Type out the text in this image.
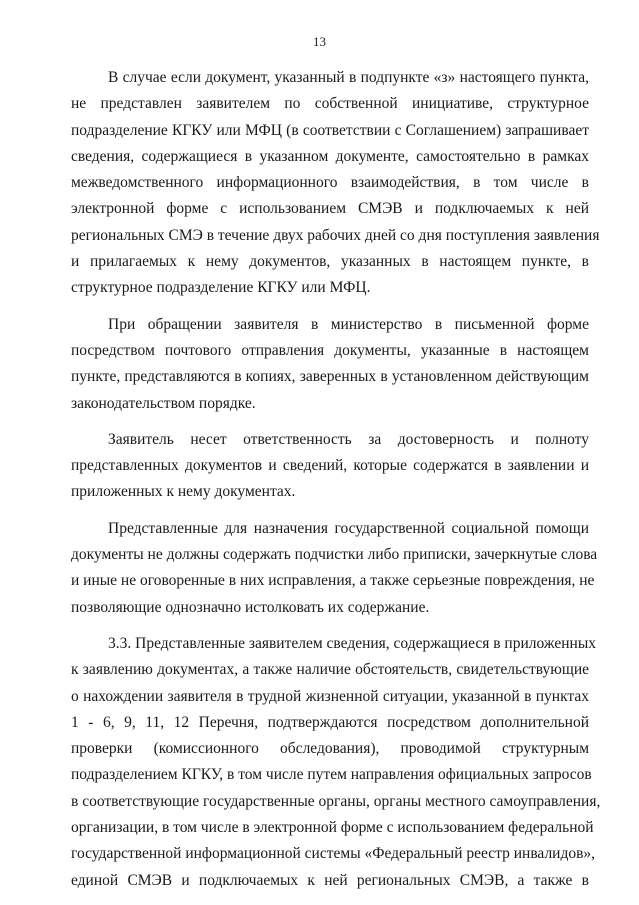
13

В случае если документ, указанный в подпункте «з» настоящего пункта,
не представлен заявителем по собственной инициативе, структурное
подразделение КГКУ или МФЦ (в соответствии с Соглашением) запрашивает
сведения, содержащиеся в указанном документе, самостоятельно в рамках
межведомственного информационного взаимодействия, в том числе в
электронной форме с использованием СМЭВ и подключаемых к ней
региональных СМЭ в течение двух рабочих дней со дня поступления заявления
и прилагаемых к нему документов, указанных в настоящем пункте, в
структурное подразделение КГКУ или МФЦ.

При обращении заявителя в министерство в письменной форме
посредством почтового отправления документы, указанные в настоящем
пункте, представляются в копиях, заверенных в установленном действующим
законодательством порядке.

Заявитель несет ответственность за достоверность и полноту
представленных документов и сведений, которые содержатся в заявлении и
приложенных к нему документах.

Представленные для назначения государственной социальной помощи
документы не должны содержать подчистки либо приписки, зачеркнутые слова
и иные не оговоренные в них исправления, а также серьезные повреждения, не
позволяющие однозначно истолковать их содержание.

3.3. Представленные заявителем сведения, содержащиеся в приложенных
к заявлению документах, а также наличие обстоятельств, свидетельствующие
о нахождении заявителя в трудной жизненной ситуации, указанной в пунктах
1 - 6, 9, 11, 12 Перечня, подтверждаются посредством дополнительной
проверки (комиссионного обследования), проводимой структурным
подразделением КГКУ, в том числе путем направления официальных запросов
в соответствующие государственные органы, органы местного самоуправления,
организации, в том числе в электронной форме с использованием федеральной
государственной информационной системы «Федеральный реестр инвалидов»,
единой СМЭВ и подключаемых к ней региональных СМЭВ, а также в
